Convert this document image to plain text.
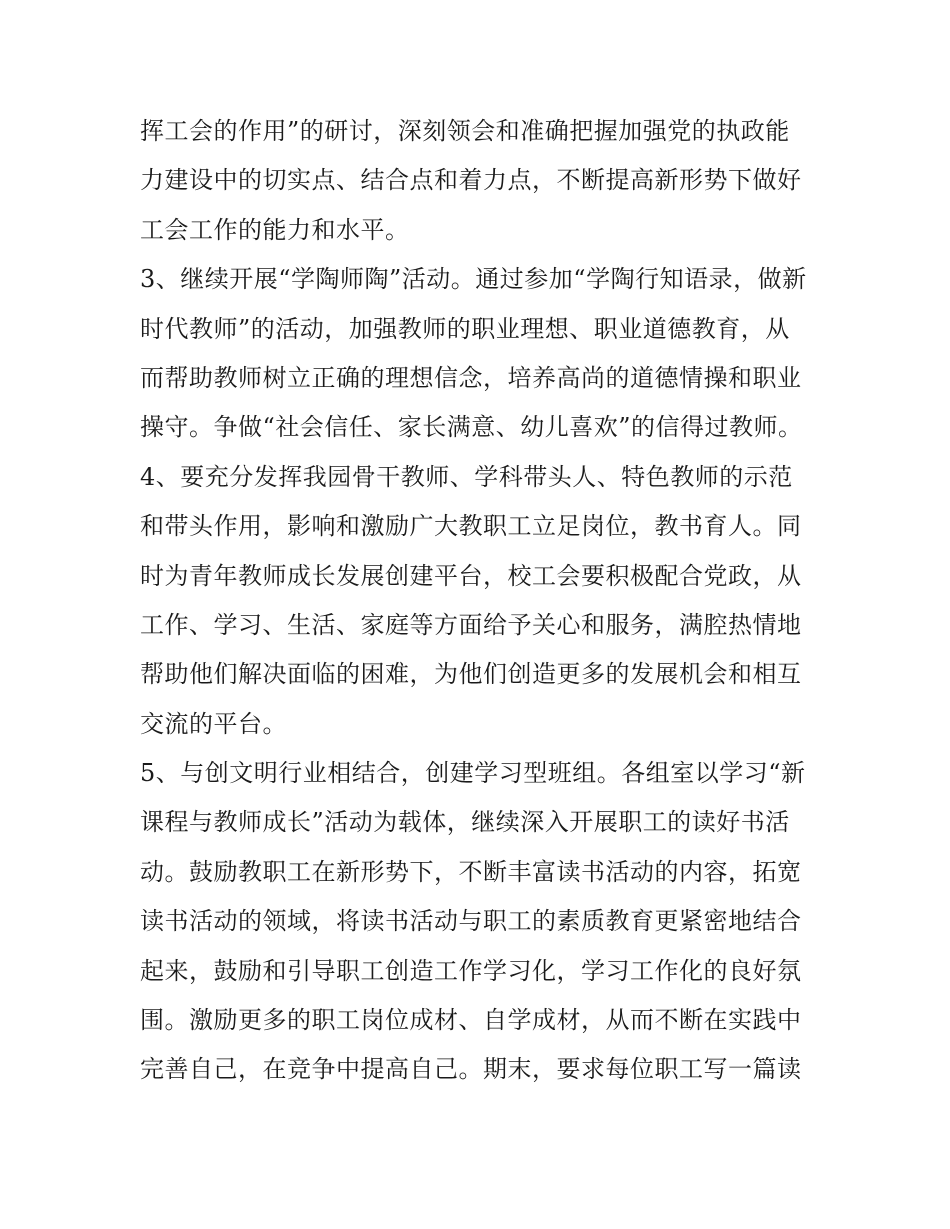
挥工会的作用”的研讨，深刻领会和准确把握加强党的执政能
力建设中的切实点、结合点和着力点，不断提高新形势下做好
工会工作的能力和水平。
3、继续开展“学陶师陶”活动。通过参加“学陶行知语录，做新
时代教师”的活动，加强教师的职业理想、职业道德教育，从
而帮助教师树立正确的理想信念，培养高尚的道德情操和职业
操守。争做“社会信任、家长满意、幼儿喜欢”的信得过教师。
4、要充分发挥我园骨干教师、学科带头人、特色教师的示范
和带头作用，影响和激励广大教职工立足岗位，教书育人。同
时为青年教师成长发展创建平台，校工会要积极配合党政，从
工作、学习、生活、家庭等方面给予关心和服务，满腔热情地
帮助他们解决面临的困难，为他们创造更多的发展机会和相互
交流的平台。
5、与创文明行业相结合，创建学习型班组。各组室以学习“新
课程与教师成长”活动为载体，继续深入开展职工的读好书活
动。鼓励教职工在新形势下，不断丰富读书活动的内容，拓宽
读书活动的领域，将读书活动与职工的素质教育更紧密地结合
起来，鼓励和引导职工创造工作学习化，学习工作化的良好氛
围。激励更多的职工岗位成材、自学成材，从而不断在实践中
完善自己，在竞争中提高自己。期末，要求每位职工写一篇读
